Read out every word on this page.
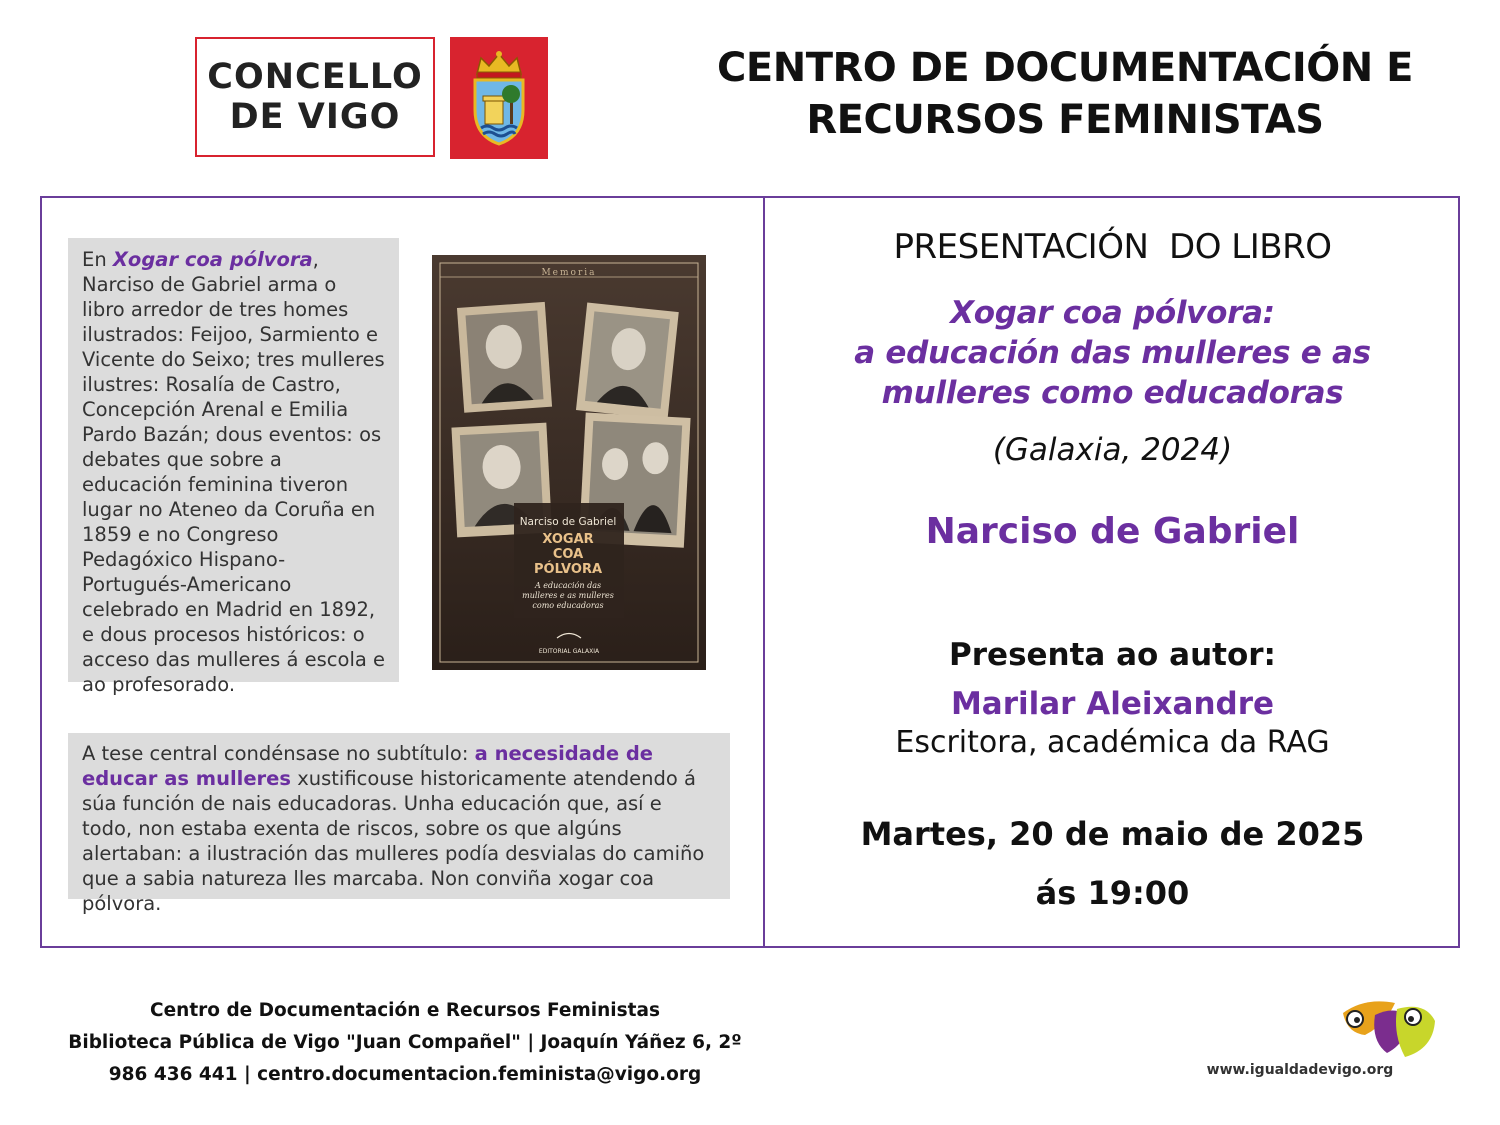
CONCELLO
DE VIGO
CENTRO DE DOCUMENTACIÓN E
RECURSOS FEMINISTAS
En Xogar coa pólvora, Narciso de Gabriel arma o libro arredor de tres homes ilustrados: Feijoo, Sarmiento e Vicente do Seixo; tres mulleres ilustres: Rosalía de Castro, Concepción Arenal e Emilia Pardo Bazán; dous eventos: os debates que sobre a educación feminina tiveron lugar no Ateneo da Coruña en 1859 e no Congreso Pedagóxico Hispano-Portugués-Americano celebrado en Madrid en 1892, e dous procesos históricos: o acceso das mulleres á escola e ao profesorado.
Narciso de Gabriel
XOGAR
COA
PÓLVORA
A educación das
mulleres e as mulleres
como educadoras
Memoria
EDITORIAL GALAXIA
A tese central condénsase no subtítulo: a necesidade de educar as mulleres xustificouse historicamente atendendo á súa función de nais educadoras. Unha educación que, así e todo, non estaba exenta de riscos, sobre os que algúns alertaban: a ilustración das mulleres podía desvialas do camiño que a sabia natureza lles marcaba. Non conviña xogar coa pólvora.
PRESENTACIÓN  DO LIBRO
Xogar coa pólvora:
a educación das mulleres e as
mulleres como educadoras
(Galaxia, 2024)
Narciso de Gabriel
Presenta ao autor:
Marilar Aleixandre
Escritora, académica da RAG
Martes, 20 de maio de 2025
ás 19:00
Centro de Documentación e Recursos Feministas
Biblioteca Pública de Vigo "Juan Compañel" | Joaquín Yáñez 6, 2º
986 436 441 | centro.documentacion.feminista@vigo.org	www.igualdadevigo.org
